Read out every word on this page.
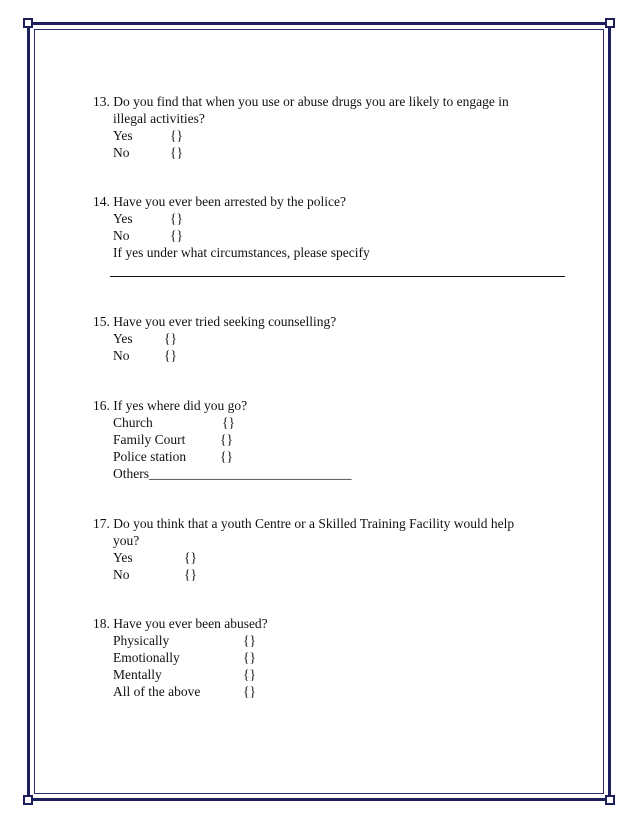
13. Do you find that when you use or abuse drugs you are likely to engage in
illegal activities?
Yes	{}
No	{}
14. Have you ever been arrested by the police?
Yes	{}
No	{}
If yes under what circumstances, please specify
15. Have you ever tried seeking counselling?
Yes {}
No	{}
16. If yes where did you go?
Church	{}
Family Court	{}
Police station	{}
Others______________________________
17. Do you think that a youth Centre or a Skilled Training Facility would help
you?
Yes	{}
No	{}
18. Have you ever been abused?
Physically	{}
Emotionally	{}
Mentally	{}
All of the above	{}
